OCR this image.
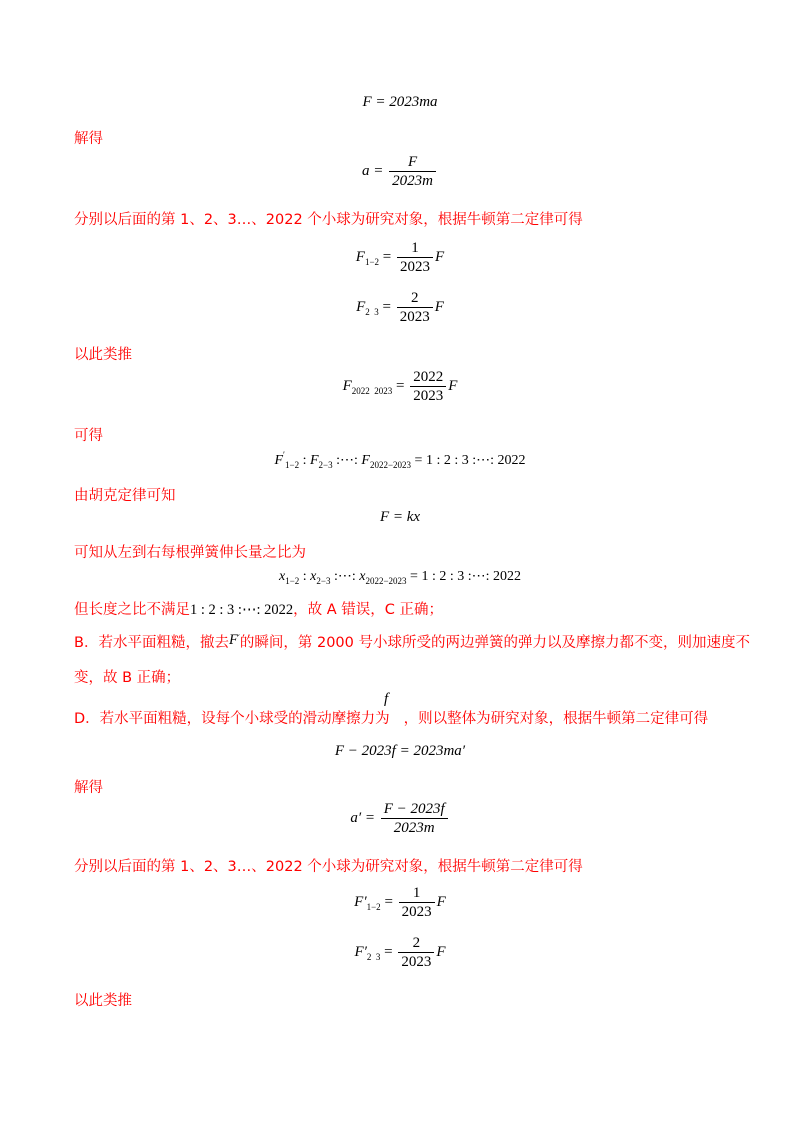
F = 2023ma
解得
$a = \frac{F}{2023m}$
分别以后面的第 1、2、3…、2022 个小球为研究对象，根据牛顿第二定律可得
$F_{1-2} = \frac{1}{2023}$ F
$F_{2 3} = \frac{2}{2023}$ F
以此类推
$F_{2022 2023} = \frac{2022}{2023}$ F
可得
$F'_{1-2}$ : $F_{2-3}$ :⋯: $F_{2022-2023} = 1$ : 2 : 3 :⋯: 2022
由胡克定律可知
F = kx
可知从左到右每根弹簧伸长量之比为
$x_{1-2}$ : $x_{2-3}$ :⋯: $x_{2022-2023} = 1$ : 2 : 3 :⋯: 2022
但长度之比不满足1 : 2 : 3 :⋯: 2022，故 A 错误，C 正确；
B．若水平面粗糙，撤去F′的瞬间，第 2000 号小球所受的两边弹簧的弹力以及摩擦力都不变，则加速度不
变，故 B 正确；
D．若水平面粗糙，设每个小球受的滑动摩擦力为 ，则以整体为研究对象，根据牛顿第二定律可得
f
F − 2023f = 2023ma′
解得
$a' = \frac{F - 2023f}{2023m}$
分别以后面的第 1、2、3…、2022 个小球为研究对象，根据牛顿第二定律可得
$F'_{1-2} = \frac{1}{2023}$ F
$F'_{2 3} = \frac{2}{2023}$ F
以此类推
